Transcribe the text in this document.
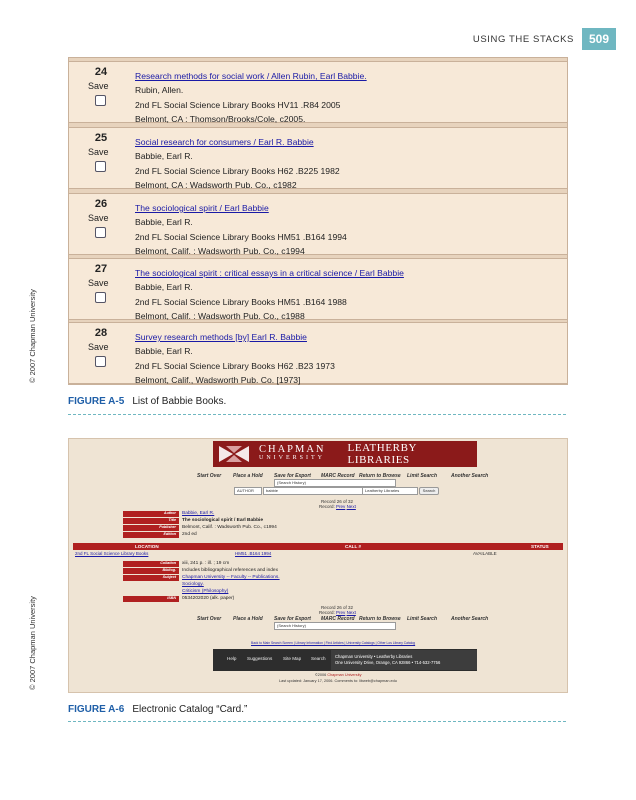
USING THE STACKS	509
© 2007 Chapman University
24
Save
Research methods for social work / Allen Rubin, Earl Babbie.
Rubin, Allen.
2nd FL Social Science Library Books HV11 .R84 2005
Belmont, CA : Thomson/Brooks/Cole, c2005.
25
Save
Social research for consumers / Earl R. Babbie
Babbie, Earl R.
2nd FL Social Science Library Books H62 .B225 1982
Belmont, CA : Wadsworth Pub. Co., c1982
26
Save
The sociological spirit / Earl Babbie
Babbie, Earl R.
2nd FL Social Science Library Books HM51 .B164 1994
Belmont, Calif. : Wadsworth Pub. Co., c1994
27
Save
The sociological spirit : critical essays in a critical science / Earl Babbie
Babbie, Earl R.
2nd FL Social Science Library Books HM51 .B164 1988
Belmont, Calif. : Wadsworth Pub. Co., c1988
28
Save
Survey research methods [by] Earl R. Babbie
Babbie, Earl R.
2nd FL Social Science Library Books H62 .B23 1973
Belmont, Calif., Wadsworth Pub. Co. [1973]
FIGURE A-5 List of Babbie Books.
© 2007 Chapman University
CHAPMAN
UNIVERSITY
LEATHERBY LIBRARIES
Start Over Place a Hold Save for Export MARC Record Return to Browse Limit Search	Another Search
(Search History)
AUTHOR	babbie	Leatherby Libraries	Search
Record 26 of 32
Record: Prev Next
Author	Babbie, Earl R.
Title	The sociological spirit / Earl Babbie
Publisher	Belmont, Calif. : Wadsworth Pub. Co., c1994
Edition	2nd ed
LOCATION	CALL #	STATUS
2nd FL Social Science Library Books	HM51 .B164 1994	AVAILABLE
Collation	xiii, 241 p. : ill. ; 19 cm
Bibliog.	Includes bibliographical references and index
Subject	Chapman University -- Faculty -- Publications.
Sociology.
Criticism (Philosophy)
ISBN	0534202020 (alk. paper)
Record 26 of 32
Record: Prev Next
Start Over Place a Hold Save for Export MARC Record Return to Browse Limit Search	Another Search
(Search History)
Back to Main Search Screen | Library Information | Find Articles | University Catalogs | Other Los Library Catalog
Help Suggestions Site Map Search Chapman University • Leatherby Libraries
One University Drive, Orange, CA 92866 • 714-532-7756
©2006 Chapman University
Last updated: January 17, 2006. Comments to: libweb@chapman.edu
FIGURE A-6 Electronic Catalog “Card.”
